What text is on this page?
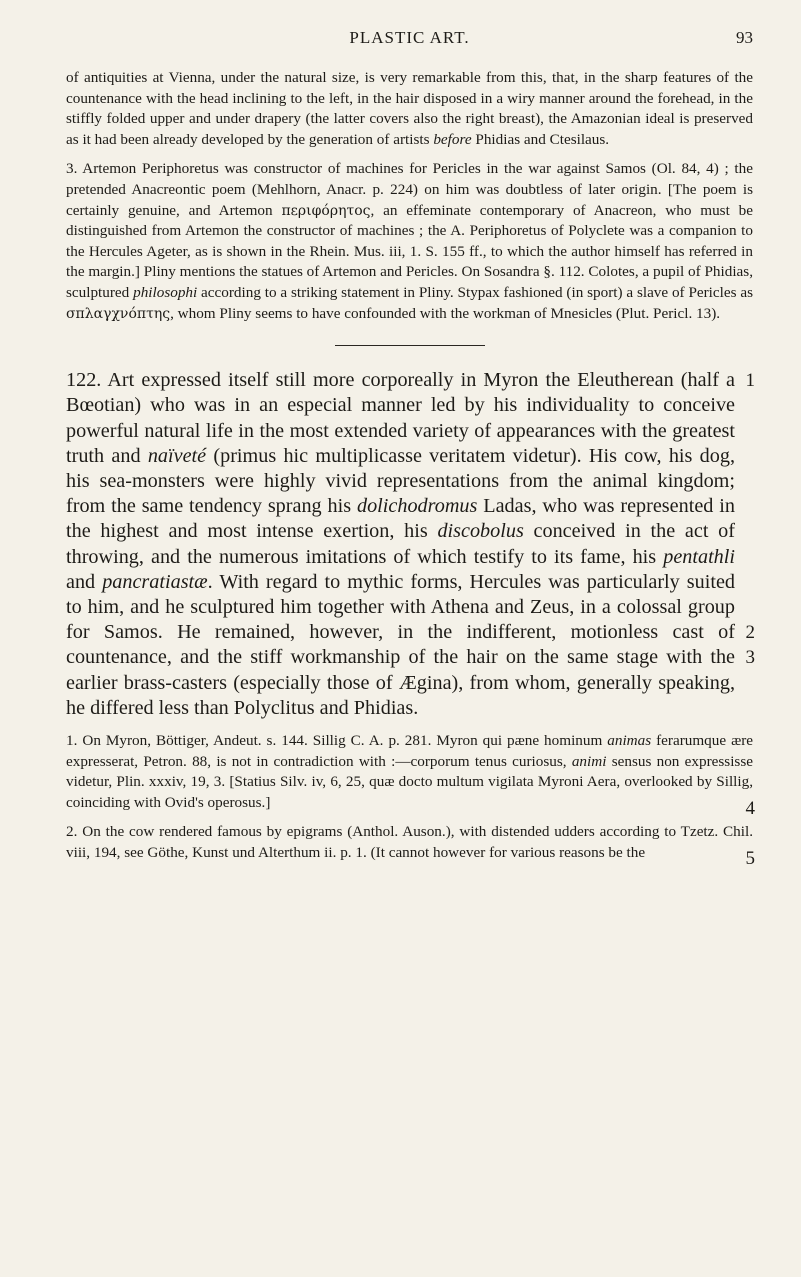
PLASTIC ART.	93

of antiquities at Vienna, under the natural size, is very remarkable from this, that, in the sharp features of the countenance with the head inclining to the left, in the hair disposed in a wiry manner around the forehead, in the stiffly folded upper and under drapery (the latter covers also the right breast), the Amazonian ideal is preserved as it had been already developed by the generation of artists before Phidias and Ctesilaus.

3. Artemon Periphoretus was constructor of machines for Pericles in the war against Samos (Ol. 84, 4) ; the pretended Anacreontic poem (Mehlhorn, Anacr. p. 224) on him was doubtless of later origin. [The poem is certainly genuine, and Artemon περιφόρητος, an effeminate contemporary of Anacreon, who must be distinguished from Artemon the constructor of machines ; the A. Periphoretus of Polyclete was a companion to the Hercules Ageter, as is shown in the Rhein. Mus. iii, 1. S. 155 ff., to which the author himself has referred in the margin.] Pliny mentions the statues of Artemon and Pericles. On Sosandra §. 112. Colotes, a pupil of Phidias, sculptured philosophi according to a striking statement in Pliny. Stypax fashioned (in sport) a slave of Pericles as σπλαγχνόπτης, whom Pliny seems to have confounded with the workman of Mnesicles (Plut. Pericl. 13).

1
2
3
4
5

122. Art expressed itself still more corporeally in Myron the Eleutherean (half a Bœotian) who was in an especial manner led by his individuality to conceive powerful natural life in the most extended variety of appearances with the greatest truth and naïveté (primus hic multiplicasse veritatem videtur). His cow, his dog, his sea-monsters were highly vivid representations from the animal kingdom; from the same tendency sprang his dolichodromus Ladas, who was represented in the highest and most intense exertion, his discobolus conceived in the act of throwing, and the numerous imitations of which testify to its fame, his pentathli and pancratiastæ. With regard to mythic forms, Hercules was particularly suited to him, and he sculptured him together with Athena and Zeus, in a colossal group for Samos. He remained, however, in the indifferent, motionless cast of countenance, and the stiff workmanship of the hair on the same stage with the earlier brass-casters (especially those of Ægina), from whom, generally speaking, he differed less than Polyclitus and Phidias.

1. On Myron, Böttiger, Andeut. s. 144. Sillig C. A. p. 281. Myron qui pæne hominum animas ferarumque ære expresserat, Petron. 88, is not in contradiction with :—corporum tenus curiosus, animi sensus non expressisse videtur, Plin. xxxiv, 19, 3. [Statius Silv. iv, 6, 25, quæ docto multum vigilata Myroni Aera, overlooked by Sillig, coinciding with Ovid's operosus.]

2. On the cow rendered famous by epigrams (Anthol. Auson.), with distended udders according to Tzetz. Chil. viii, 194, see Göthe, Kunst und Alterthum ii. p. 1. (It cannot however for various reasons be the
